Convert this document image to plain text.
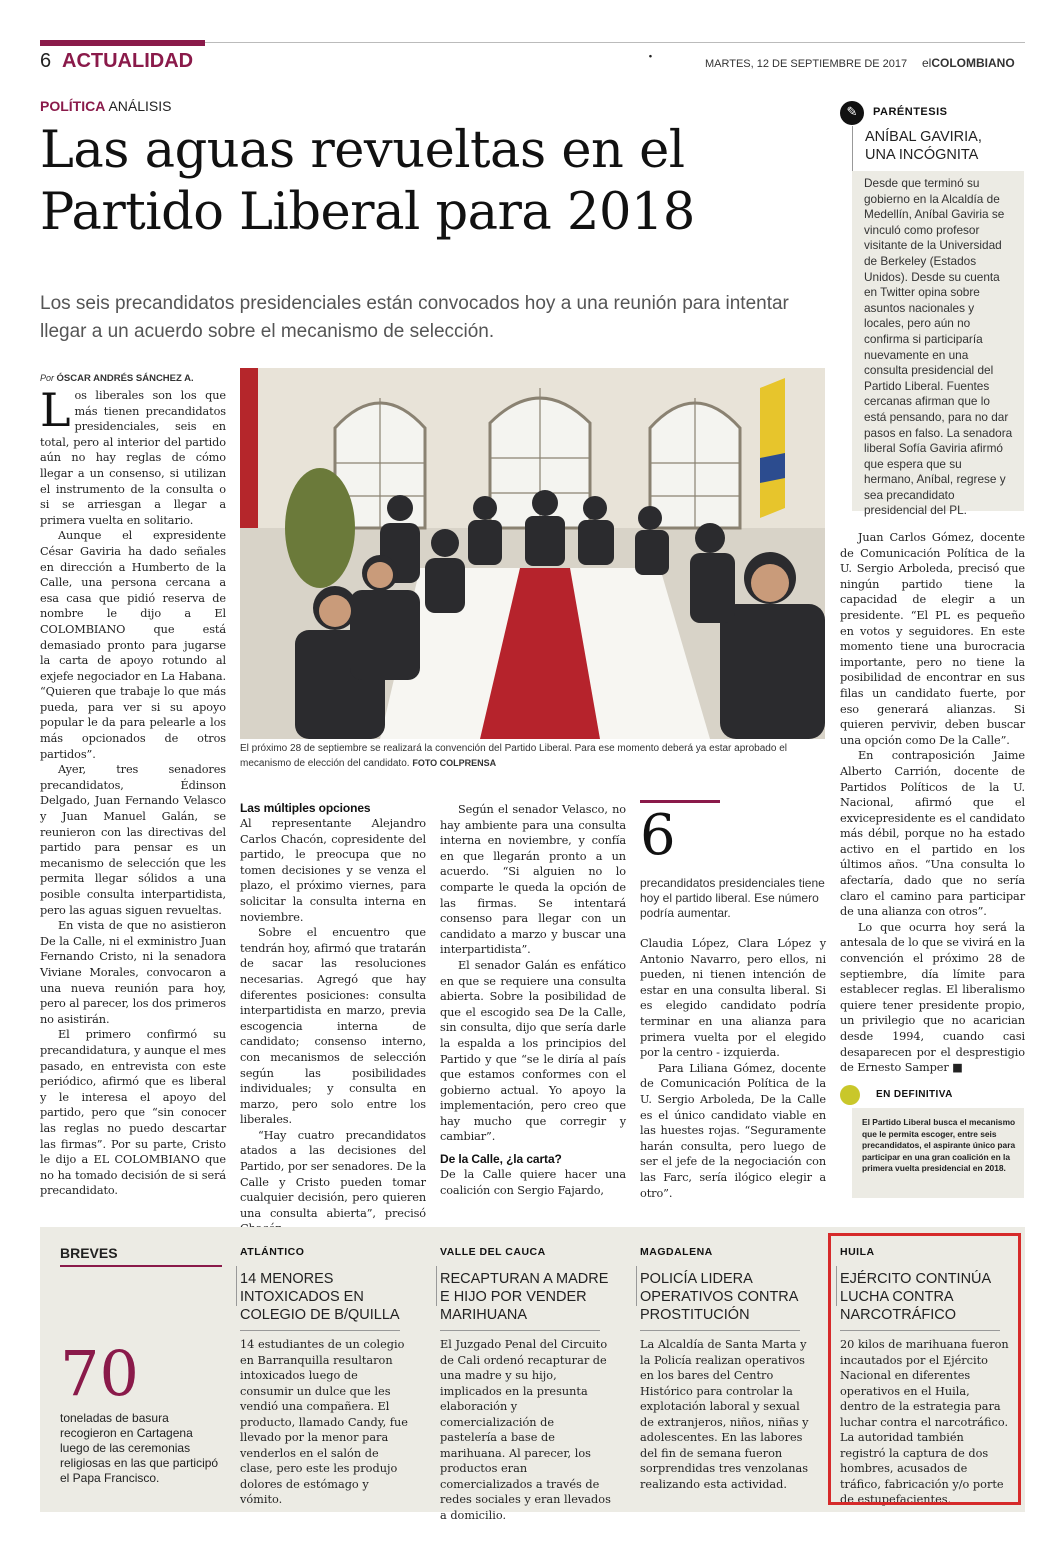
6 ACTUALIDAD	·	MARTES, 12 DE SEPTIEMBRE DE 2017 elCOLOMBIANO
POLÍTICA ANÁLISIS
Las aguas revueltas en el Partido Liberal para 2018
Los seis precandidatos presidenciales están convocados hoy a una reunión para intentar llegar a un acuerdo sobre el mecanismo de selección.
Por ÓSCAR ANDRÉS SÁNCHEZ A.

Los liberales son los que más tienen precandidatos presidenciales, seis en total, pero al interior del partido aún no hay reglas de cómo llegar a un consenso, si utilizan el instrumento de la consulta o si se arriesgan a llegar a primera vuelta en solitario.

Aunque el expresidente César Gaviria ha dado señales en dirección a Humberto de la Calle, una persona cercana a esa casa que pidió reserva de nombre le dijo a El COLOMBIANO que está demasiado pronto para jugarse la carta de apoyo rotundo al exjefe negociador en La Habana. “Quieren que trabaje lo que más pueda, para ver si su apoyo popular le da para pelearle a los más opcionados de otros partidos”.

Ayer, tres senadores precandidatos, Édinson Delgado, Juan Fernando Velasco y Juan Manuel Galán, se reunieron con las directivas del partido para pensar es un mecanismo de selección que les permita llegar sólidos a una posible consulta interpartidista, pero las aguas siguen revueltas.

En vista de que no asistieron De la Calle, ni el exministro Juan Fernando Cristo, ni la senadora Viviane Morales, convocaron a una nueva reunión para hoy, pero al parecer, los dos primeros no asistirán.

El primero confirmó su precandidatura, y aunque el mes pasado, en entrevista con este periódico, afirmó que es liberal y le interesa el apoyo del partido, pero que “sin conocer las reglas no puedo descartar las firmas”. Por su parte, Cristo le dijo a EL COLOMBIANO que no ha tomado decisión de si será precandidato.

El próximo 28 de septiembre se realizará la convención del Partido Liberal. Para ese momento deberá ya estar aprobado el mecanismo de elección del candidato. FOTO COLPRENSA
Las múltiples opciones

Al representante Alejandro Carlos Chacón, copresidente del partido, le preocupa que no tomen decisiones y se venza el plazo, el próximo viernes, para solicitar la consulta interna en noviembre.

Sobre el encuentro que tendrán hoy, afirmó que tratarán de sacar las resoluciones necesarias. Agregó que hay diferentes posiciones: consulta interpartidista en marzo, previa escogencia interna de candidato; consenso interno, con mecanismos de selección según las posibilidades individuales; y consulta en marzo, pero solo entre los liberales.

“Hay cuatro precandidatos atados a las decisiones del Partido, por ser senadores. De la Calle y Cristo pueden tomar cualquier decisión, pero quieren una consulta abierta”, precisó

Según el senador Velasco, no hay ambiente para una consulta interna en noviembre, y confía en que llegarán pronto a un acuerdo. “Si alguien no lo comparte le queda la opción de las firmas. Se intentará consenso para llegar con un candidato a marzo y buscar una interpartidista”.

El senador Galán es enfático en que se requiere una consulta abierta. Sobre la posibilidad de que el escogido sea De la Calle, sin consulta, dijo que sería darle la espalda a los principios del Partido y que “se le diría al país que estamos conformes con el gobierno actual. Yo apoyo la implementación, pero creo que hay mucho que corregir y cambiar”.

De la Calle, ¿la carta?

De la Calle quiere hacer una coalición con Sergio Fajardo,

6
precandidatos presidenciales tiene hoy el partido liberal. Ese número podría aumentar.

Claudia López, Clara López y Antonio Navarro, pero ellos, ni pueden, ni tienen intención de estar en una consulta liberal. Si es elegido candidato podría terminar en una alianza para primera vuelta por el elegido por la centro - izquierda.

Para Liliana Gómez, docente de Comunicación Política de la U. Sergio Arboleda, De la Calle es el único candidato viable en las huestes rojas. “Seguramente harán consulta, pero luego de ser el jefe de la negociación con las Farc, sería ilógico elegir a otro”.

✎	PARÉNTESIS
ANÍBAL GAVIRIA, UNA INCÓGNITA
Desde que terminó su gobierno en la Alcaldía de Medellín, Aníbal Gaviria se vinculó como profesor visitante de la Universidad de Berkeley (Estados Unidos). Desde su cuenta en Twitter opina sobre asuntos nacionales y locales, pero aún no confirma si participaría nuevamente en una consulta presidencial del Partido Liberal. Fuentes cercanas afirman que lo está pensando, para no dar pasos en falso. La senadora liberal Sofía Gaviria afirmó que espera que su hermano, Aníbal, regrese y sea precandidato presidencial del PL.

Juan Carlos Gómez, docente de Comunicación Política de la U. Sergio Arboleda, precisó que ningún partido tiene la capacidad de elegir a un presidente. “El PL es pequeño en votos y seguidores. En este momento tiene una burocracia importante, pero no tiene la posibilidad de encontrar en sus filas un candidato fuerte, por eso generará alianzas. Si quieren pervivir, deben buscar una opción como De la Calle”.

En contraposición Jaime Alberto Carrión, docente de Partidos Políticos de la U. Nacional, afirmó que el exvicepresidente es el candidato más débil, porque no ha estado activo en el partido en los últimos años. “Una consulta lo afectaría, dado que no sería claro el camino para participar de una alianza con otros”.

Lo que ocurra hoy será la antesala de lo que se vivirá en la convención el próximo 28 de septiembre, día límite para establecer reglas. El liberalismo quiere tener presidente propio, un privilegio que no acarician desde 1994, cuando casi desaparecen por el desprestigio de Ernesto Samper ■

EN DEFINITIVA
El Partido Liberal busca el mecanismo que le permita escoger, entre seis precandidatos, el aspirante único para participar en una gran coalición en la primera vuelta presidencial en 2018.
BREVES
70
toneladas de basura recogieron en Cartagena luego de las ceremonias religiosas en las que participó el Papa Francisco.
ATLÁNTICO
14 MENORES INTOXICADOS EN COLEGIO DE B/QUILLA
14 estudiantes de un colegio en Barranquilla resultaron intoxicados luego de consumir un dulce que les vendió una compañera. El producto, llamado Candy, fue llevado por la menor para venderlos en el salón de clase, pero este les produjo dolores de estómago y vómito.
VALLE DEL CAUCA
RECAPTURAN A MADRE E HIJO POR VENDER MARIHUANA
El Juzgado Penal del Circuito de Cali ordenó recapturar de una madre y su hijo, implicados en la presunta elaboración y comercialización de pastelería a base de marihuana. Al parecer, los productos eran comercializados a través de redes sociales y eran llevados a domicilio.
MAGDALENA
POLICÍA LIDERA OPERATIVOS CONTRA PROSTITUCIÓN
La Alcaldía de Santa Marta y la Policía realizan operativos en los bares del Centro Histórico para controlar la explotación laboral y sexual de extranjeros, niños, niñas y adolescentes. En las labores del fin de semana fueron sorprendidas tres venzolanas realizando esta actividad.
HUILA
EJÉRCITO CONTINÚA LUCHA CONTRA NARCOTRÁFICO
20 kilos de marihuana fueron incautados por el Ejército Nacional en diferentes operativos en el Huila, dentro de la estrategia para luchar contra el narcotráfico. La autoridad también registró la captura de dos hombres, acusados de tráfico, fabricación y/o porte de estupefacientes.
